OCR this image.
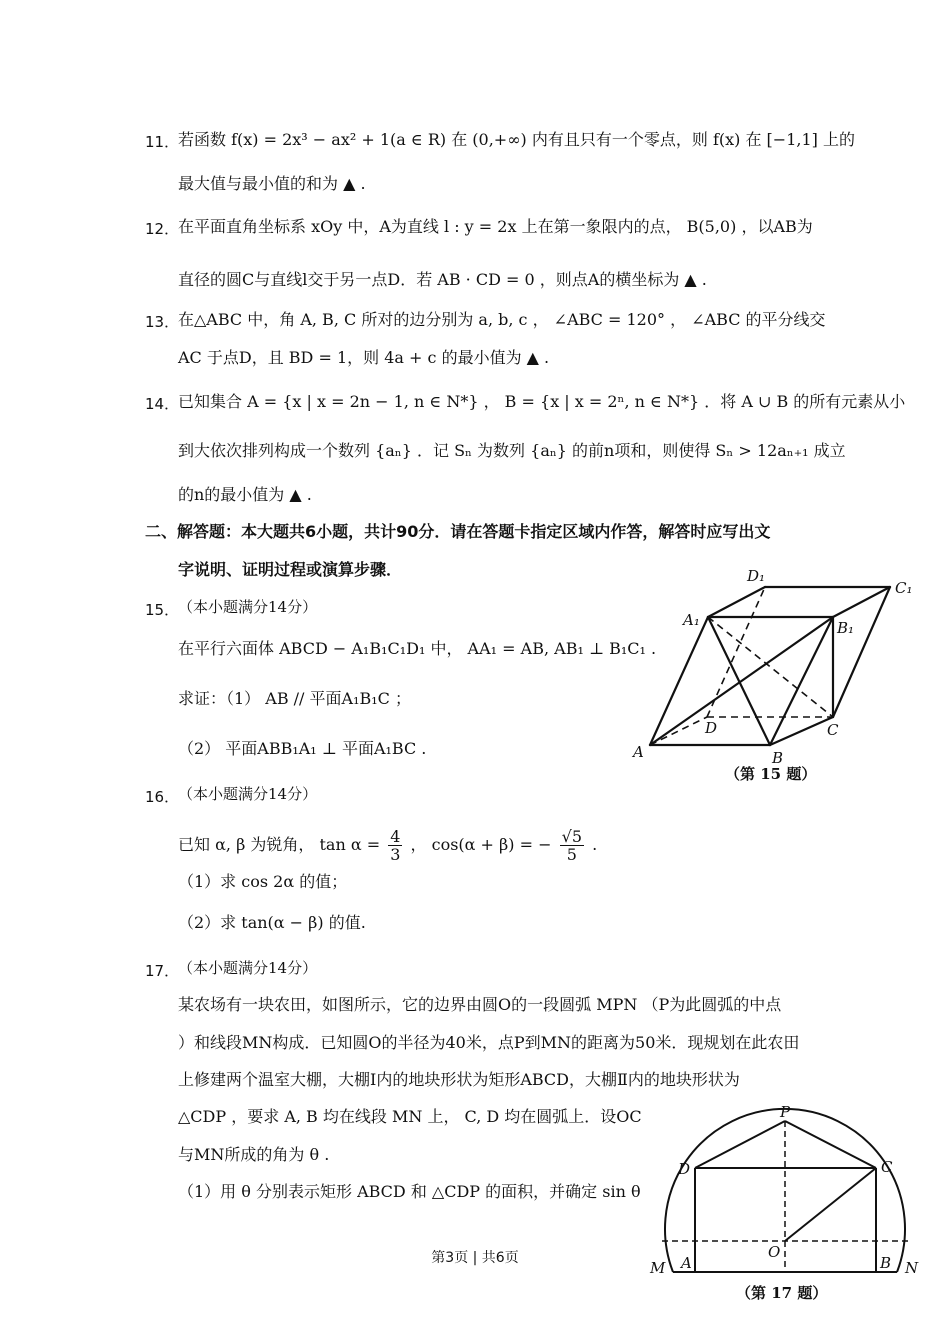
11．
若函数 f(x) = 2x³ − ax² + 1(a ∈ R) 在 (0,+∞) 内有且只有一个零点，则 f(x) 在 [−1,1] 上的
最大值与最小值的和为 ▲ .
12．
在平面直角坐标系 xOy 中，A为直线 l : y = 2x 上在第一象限内的点， B(5,0) ，以AB为
直径的圆C与直线l交于另一点D．若 AB · CD = 0 ，则点A的横坐标为 ▲ .
13．
在△ABC 中，角 A, B, C 所对的边分别为 a, b, c ， ∠ABC = 120° ， ∠ABC 的平分线交
AC 于点D，且 BD = 1，则 4a + c 的最小值为 ▲ .
14．
已知集合 A = {x | x = 2n − 1, n ∈ N*} ， B = {x | x = 2ⁿ, n ∈ N*} ．将 A ∪ B 的所有元素从小
到大依次排列构成一个数列 {aₙ} ．记 Sₙ 为数列 {aₙ} 的前n项和，则使得 Sₙ > 12aₙ₊₁ 成立
的n的最小值为 ▲ .
二、解答题：本大题共6小题，共计90分．请在答题卡指定区域内作答，解答时应写出文
字说明、证明过程或演算步骤．
15．
（本小题满分14分）
在平行六面体 ABCD − A₁B₁C₁D₁ 中， AA₁ = AB, AB₁ ⊥ B₁C₁ .
求证：（1） AB // 平面A₁B₁C ；
（2） 平面ABB₁A₁ ⊥ 平面A₁BC .	A	B
C
D
A₁	B₁
C₁
D₁
（第 15 题）
16．
（本小题满分14分）
已知 α, β 为锐角， $\tan \alpha = \frac{4}{3}$ ， cos(α + β) = − $\frac{√5}{5}$ .
（1）求 cos 2α 的值；
（2）求 tan(α − β) 的值.
17．
（本小题满分14分）
某农场有一块农田，如图所示，它的边界由圆O的一段圆弧 MPN （P为此圆弧的中点
）和线段MN构成．已知圆O的半径为40米，点P到MN的距离为50米．现规划在此农田
上修建两个温室大棚，大棚Ⅰ内的地块形状为矩形ABCD，大棚Ⅱ内的地块形状为
△CDP ，要求 A, B 均在线段 MN 上， C, D 均在圆弧上．设OC
与MN所成的角为 θ .
（1）用 θ 分别表示矩形 ABCD 和 △CDP 的面积，并确定 sin θ
P
D	C
O
M A	B N
（第 17 题）
第3页 | 共6页
